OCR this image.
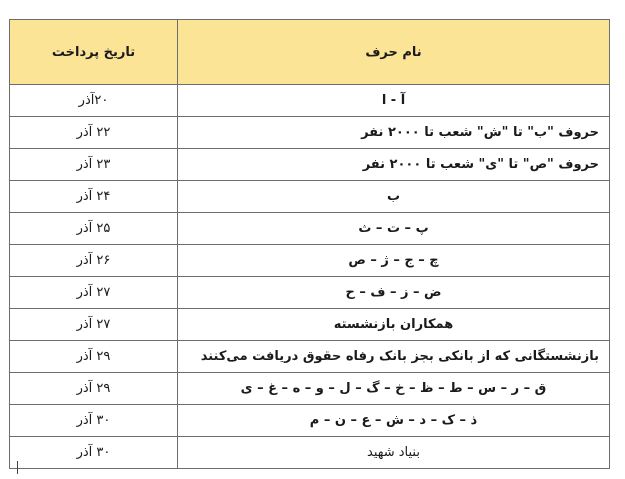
نام حرف	تاریخ پرداخت
آ - ا	۲۰آذر
حروف "ب" تا "ش" شعب تا ۲۰۰۰ نفر	۲۲ آذر
حروف "ص" تا "ی" شعب تا ۲۰۰۰ نفر	۲۳ آذر
ب	۲۴ آذر
پ – ت – ث	۲۵ آذر
چ – ج – ژ – ص	۲۶ آذر
ض – ز – ف – ح	۲۷ آذر
همکاران بازنشسته	۲۷ آذر
بازنشستگانی که از بانکی بجز بانک رفاه حقوق دریافت می‌کنند	۲۹ آذر
ق – ر – س – ط – ظ – خ – گ – ل – و – ه – غ – ی	۲۹ آذر
ذ – ک – د – ش – ع – ن – م	۳۰ آذر
بنیاد شهید	۳۰ آذر
